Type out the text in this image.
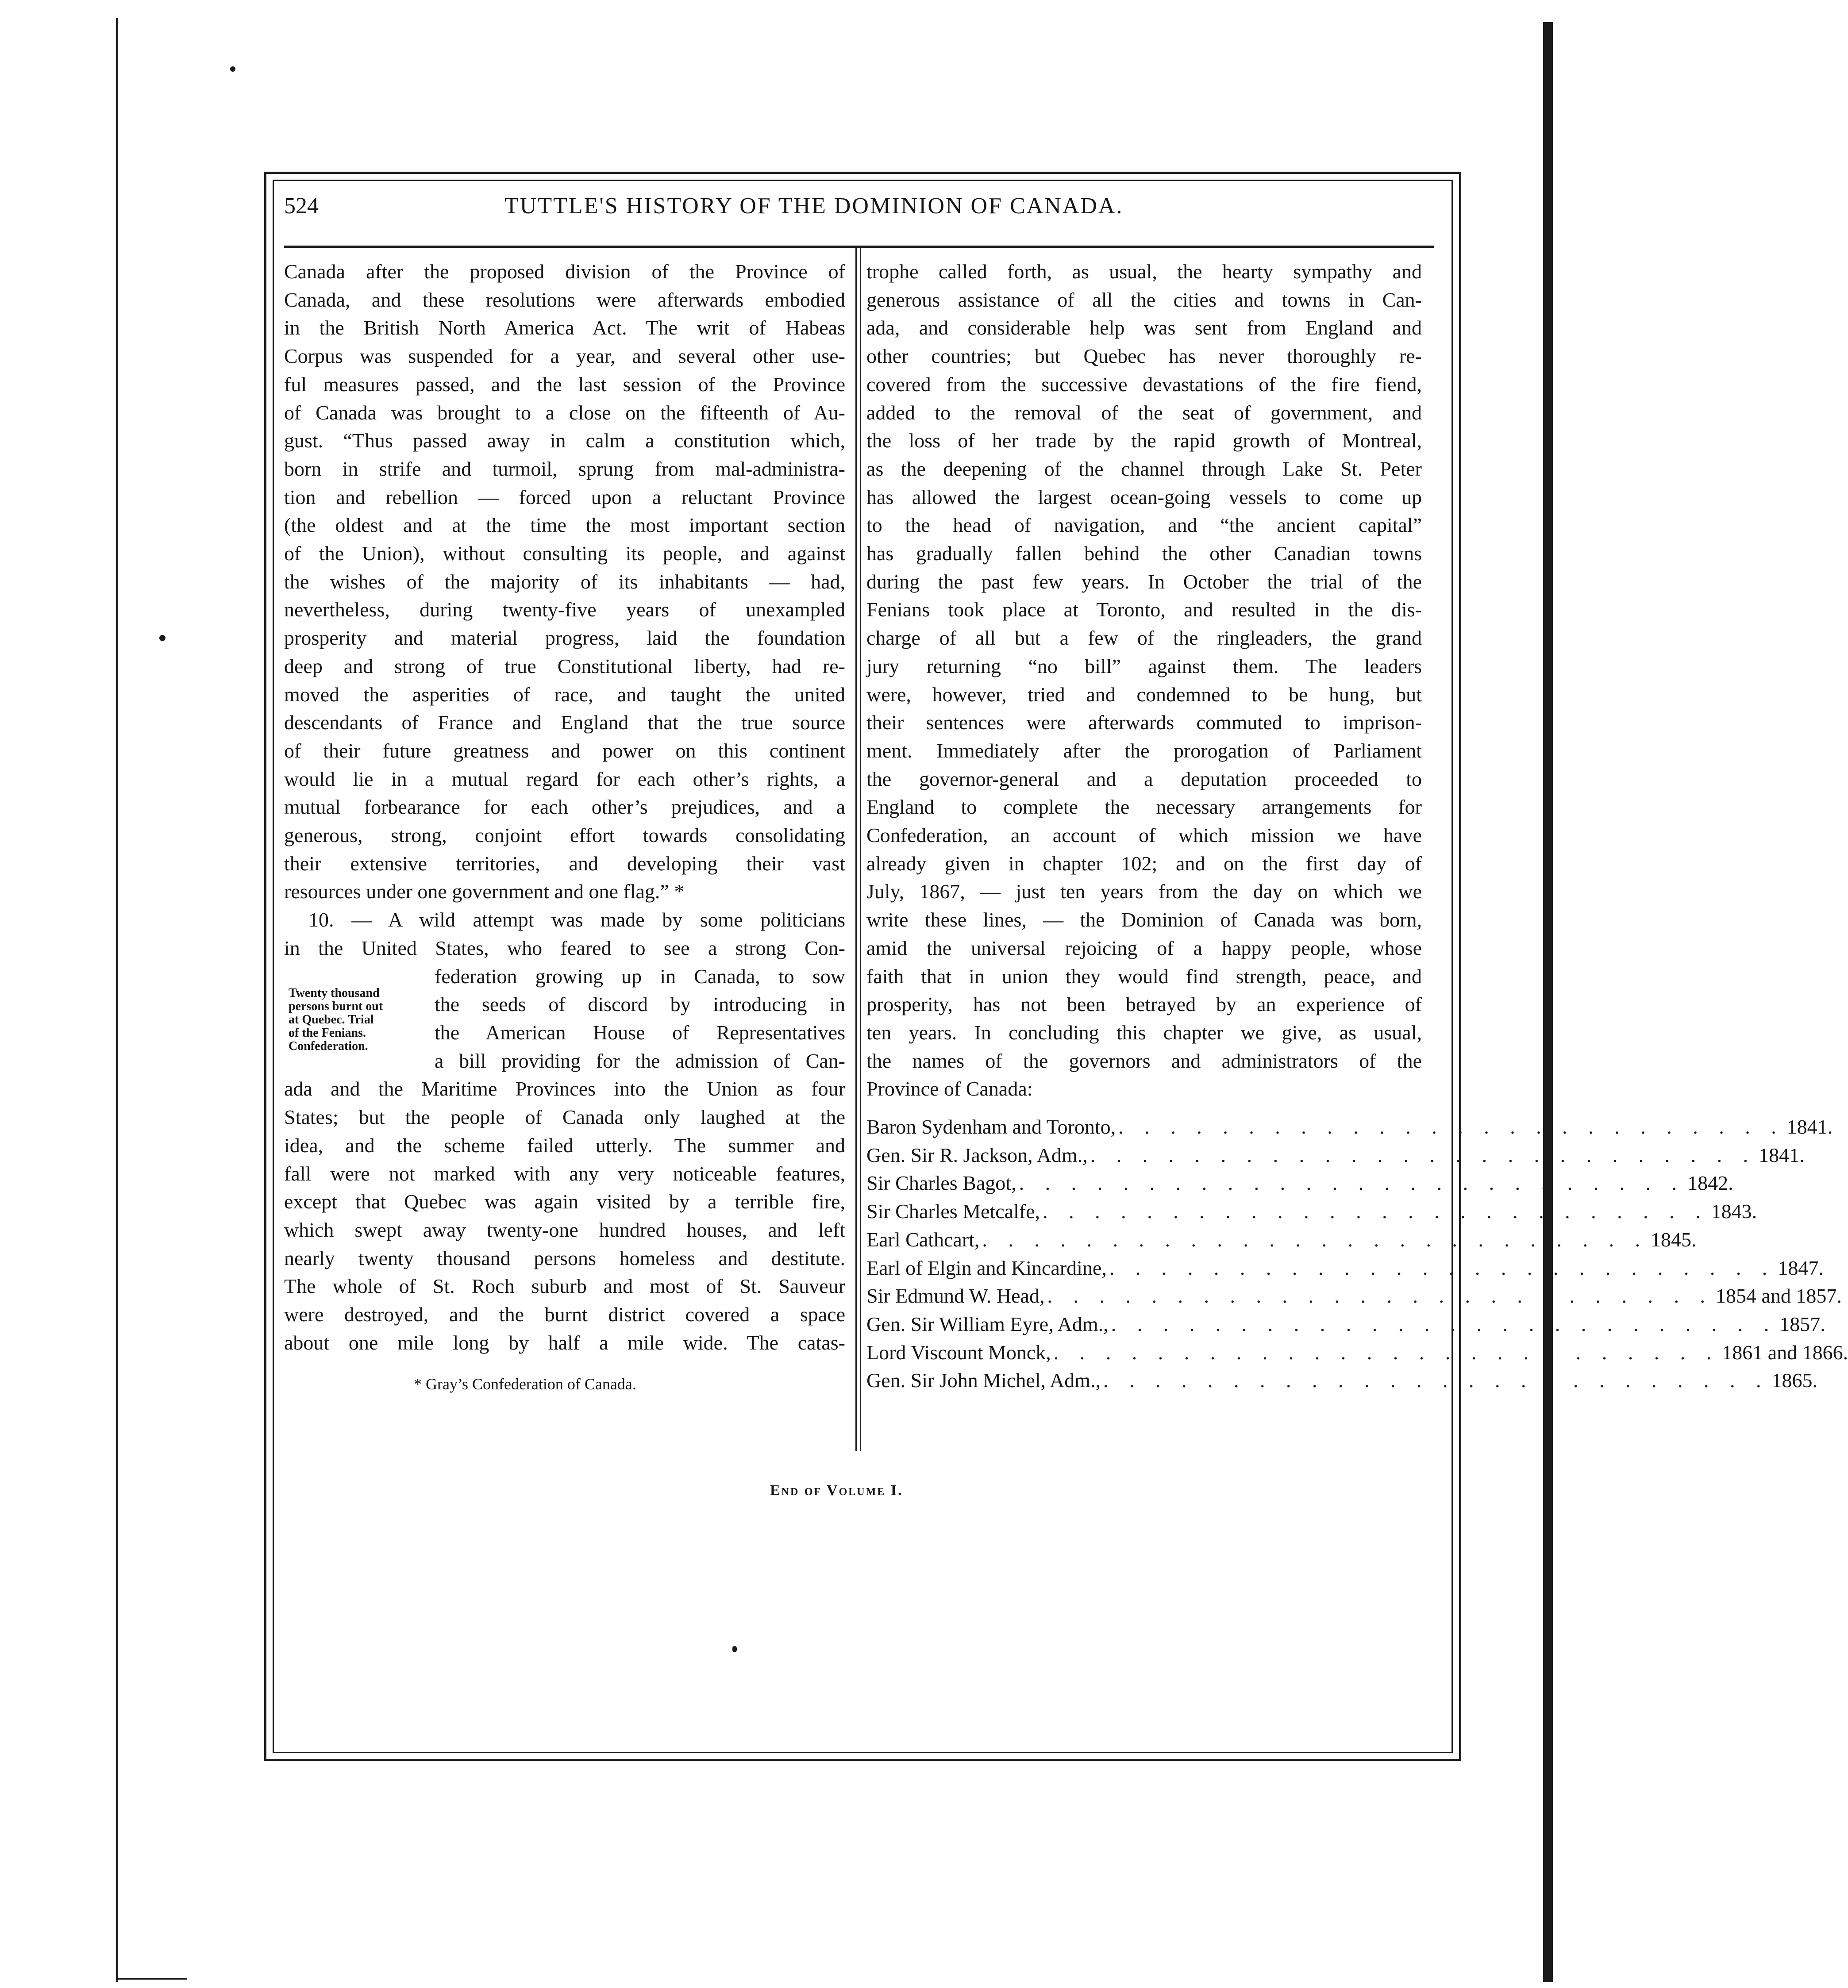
524	TUTTLE'S HISTORY OF THE DOMINION OF CANADA.
Canada after the proposed division of the Province of
Canada, and these resolutions were afterwards embodied
in the British North America Act. The writ of Habeas
Corpus was suspended for a year, and several other use-
ful measures passed, and the last session of the Province
of Canada was brought to a close on the fifteenth of Au-
gust. “Thus passed away in calm a constitution which,
born in strife and turmoil, sprung from mal-administra-
tion and rebellion — forced upon a reluctant Province
(the oldest and at the time the most important section
of the Union), without consulting its people, and against
the wishes of the majority of its inhabitants — had,
nevertheless, during twenty-five years of unexampled
prosperity and material progress, laid the foundation
deep and strong of true Constitutional liberty, had re-
moved the asperities of race, and taught the united
descendants of France and England that the true source
of their future greatness and power on this continent
would lie in a mutual regard for each other’s rights, a
mutual forbearance for each other’s prejudices, and a
generous, strong, conjoint effort towards consolidating
their extensive territories, and developing their vast
resources under one government and one flag.” *
10. — A wild attempt was made by some politicians
in the United States, who feared to see a strong Con-
federation growing up in Canada, to sow
the seeds of discord by introducing in
the American House of Representatives
a bill providing for the admission of Can-
ada and the Maritime Provinces into the Union as four
States; but the people of Canada only laughed at the
idea, and the scheme failed utterly. The summer and
fall were not marked with any very noticeable features,
except that Quebec was again visited by a terrible fire,
which swept away twenty-one hundred houses, and left
nearly twenty thousand persons homeless and destitute.
The whole of St. Roch suburb and most of St. Sauveur
were destroyed, and the burnt district covered a space
about one mile long by half a mile wide. The catas-
Twenty thousand
persons burnt out
at Quebec. Trial
of the Fenians.
Confederation.
* Gray’s Confederation of Canada.
trophe called forth, as usual, the hearty sympathy and
generous assistance of all the cities and towns in Can-
ada, and considerable help was sent from England and
other countries; but Quebec has never thoroughly re-
covered from the successive devastations of the fire fiend,
added to the removal of the seat of government, and
the loss of her trade by the rapid growth of Montreal,
as the deepening of the channel through Lake St. Peter
has allowed the largest ocean-going vessels to come up
to the head of navigation, and “the ancient capital”
has gradually fallen behind the other Canadian towns
during the past few years. In October the trial of the
Fenians took place at Toronto, and resulted in the dis-
charge of all but a few of the ringleaders, the grand
jury returning “no bill” against them. The leaders
were, however, tried and condemned to be hung, but
their sentences were afterwards commuted to imprison-
ment. Immediately after the prorogation of Parliament
the governor-general and a deputation proceeded to
England to complete the necessary arrangements for
Confederation, an account of which mission we have
already given in chapter 102; and on the first day of
July, 1867, — just ten years from the day on which we
write these lines, — the Dominion of Canada was born,
amid the universal rejoicing of a happy people, whose
faith that in union they would find strength, peace, and
prosperity, has not been betrayed by an experience of
ten years. In concluding this chapter we give, as usual,
the names of the governors and administrators of the
Province of Canada:
Baron Sydenham and Toronto, . . . . . . . . . . . . . . . . . . . . . . . . . . 1841.
Gen. Sir R. Jackson, Adm., . . . . . . . . . . . . . . . . . . . . . . . . . . 1841.
Sir Charles Bagot, . . . . . . . . . . . . . . . . . . . . . . . . . . 1842.
Sir Charles Metcalfe, . . . . . . . . . . . . . . . . . . . . . . . . . . 1843.
Earl Cathcart, . . . . . . . . . . . . . . . . . . . . . . . . . . 1845.
Earl of Elgin and Kincardine, . . . . . . . . . . . . . . . . . . . . . . . . . . 1847.
Sir Edmund W. Head, . . . . . . . . . . . . . . . . . . . . . . . . . . 1854 and 1857.
Gen. Sir William Eyre, Adm., . . . . . . . . . . . . . . . . . . . . . . . . . . 1857.
Lord Viscount Monck, . . . . . . . . . . . . . . . . . . . . . . . . . . 1861 and 1866.
Gen. Sir John Michel, Adm., . . . . . . . . . . . . . . . . . . . . . . . . . . 1865.
End of Volume I.
